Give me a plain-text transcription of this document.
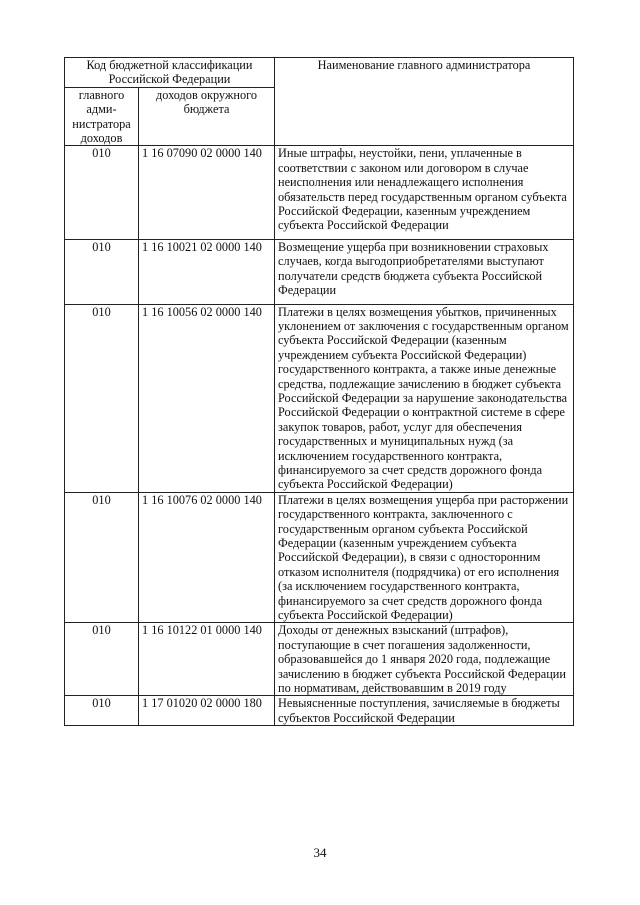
Код бюджетной классификации Российской Федерации		Наименование главного администратора
главного адми-нистратора доходов	доходов окружного бюджета	
010	1 16 07090 02 0000 140	Иные штрафы, неустойки, пени, уплаченные в соответствии с законом или договором в случае неисполнения или ненадлежащего исполнения обязательств перед государственным органом субъекта Российской Федерации, казенным учреждением субъекта Российской Федерации
010	1 16 10021 02 0000 140	Возмещение ущерба при возникновении страховых случаев, когда выгодоприобретателями выступают получатели средств бюджета субъекта Российской Федерации
010	1 16 10056 02 0000 140	Платежи в целях возмещения убытков, причиненных уклонением от заключения с государственным органом субъекта Российской Федерации (казенным учреждением субъекта Российской Федерации) государственного контракта, а также иные денежные средства, подлежащие зачислению в бюджет субъекта Российской Федерации за нарушение законодательства Российской Федерации о контрактной системе в сфере закупок товаров, работ, услуг для обеспечения государственных и муниципальных нужд (за исключением государственного контракта, финансируемого за счет средств дорожного фонда субъекта Российской Федерации)
010	1 16 10076 02 0000 140	Платежи в целях возмещения ущерба при расторжении государственного контракта, заключенного с государственным органом субъекта Российской Федерации (казенным учреждением субъекта Российской Федерации), в связи с односторонним отказом исполнителя (подрядчика) от его исполнения (за исключением государственного контракта, финансируемого за счет средств дорожного фонда субъекта Российской Федерации)
010	1 16 10122 01 0000 140	Доходы от денежных взысканий (штрафов), поступающие в счет погашения задолженности, образовавшейся до 1 января 2020 года, подлежащие зачислению в бюджет субъекта Российской Федерации по нормативам, действовавшим в 2019 году
010	1 17 01020 02 0000 180	Невыясненные поступления, зачисляемые в бюджеты субъектов Российской Федерации
34
